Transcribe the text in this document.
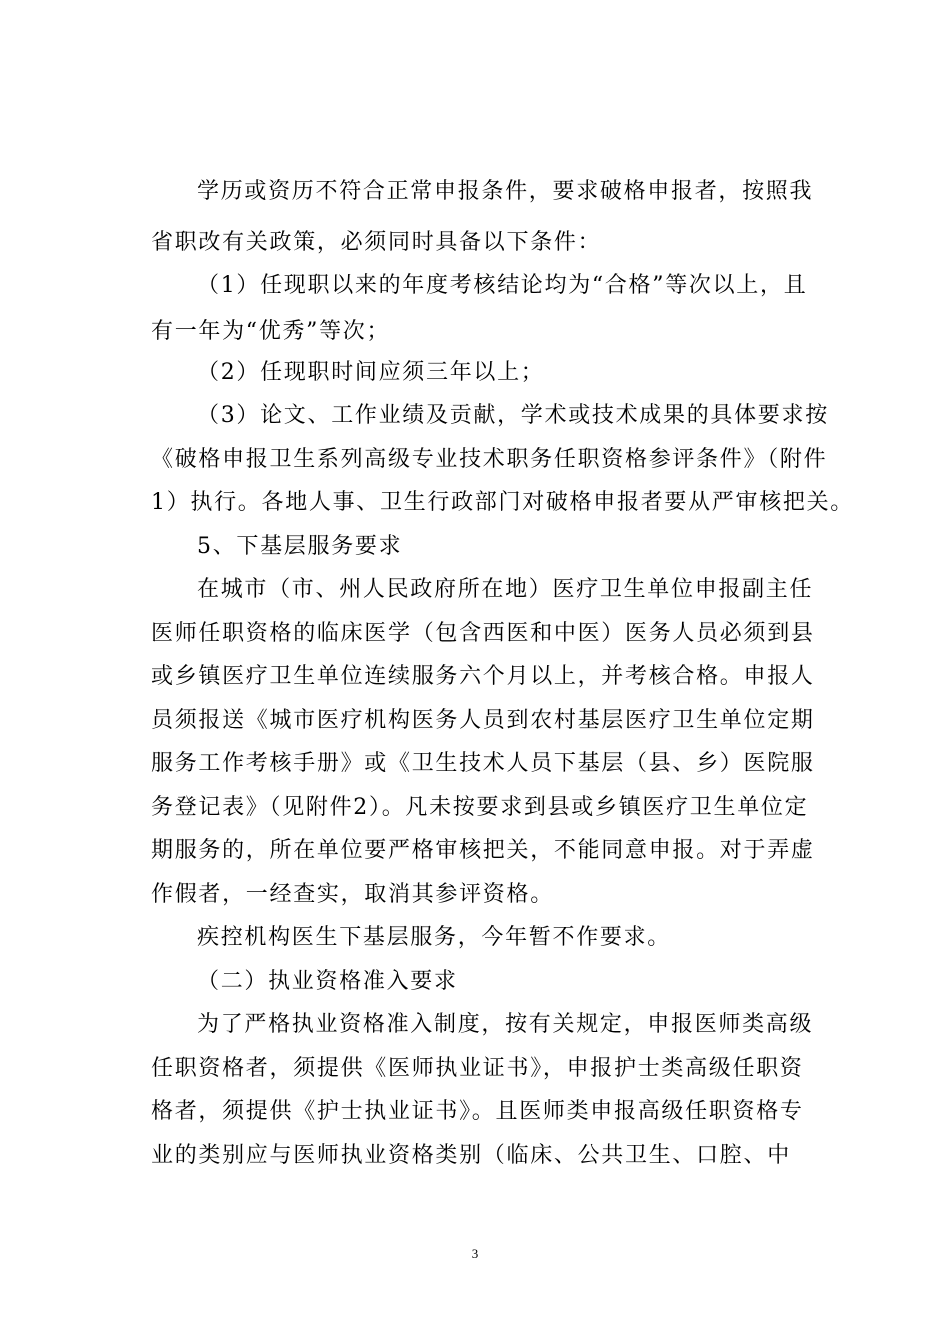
学历或资历不符合正常申报条件，要求破格申报者，按照我
省职改有关政策，必须同时具备以下条件：
（1）任现职以来的年度考核结论均为“合格”等次以上，且
有一年为“优秀”等次；
（2）任现职时间应须三年以上；
（3）论文、工作业绩及贡献，学术或技术成果的具体要求按
《破格申报卫生系列高级专业技术职务任职资格参评条件》（附件
1）执行。各地人事、卫生行政部门对破格申报者要从严审核把关。
5、下基层服务要求
在城市（市、州人民政府所在地）医疗卫生单位申报副主任
医师任职资格的临床医学（包含西医和中医）医务人员必须到县
或乡镇医疗卫生单位连续服务六个月以上，并考核合格。申报人
员须报送《城市医疗机构医务人员到农村基层医疗卫生单位定期
服务工作考核手册》或《卫生技术人员下基层（县、乡）医院服
务登记表》（见附件2）。凡未按要求到县或乡镇医疗卫生单位定
期服务的，所在单位要严格审核把关，不能同意申报。对于弄虚
作假者，一经查实，取消其参评资格。
疾控机构医生下基层服务，今年暂不作要求。
（二）执业资格准入要求
为了严格执业资格准入制度，按有关规定，申报医师类高级
任职资格者，须提供《医师执业证书》，申报护士类高级任职资
格者，须提供《护士执业证书》。且医师类申报高级任职资格专
业的类别应与医师执业资格类别（临床、公共卫生、口腔、中
3
